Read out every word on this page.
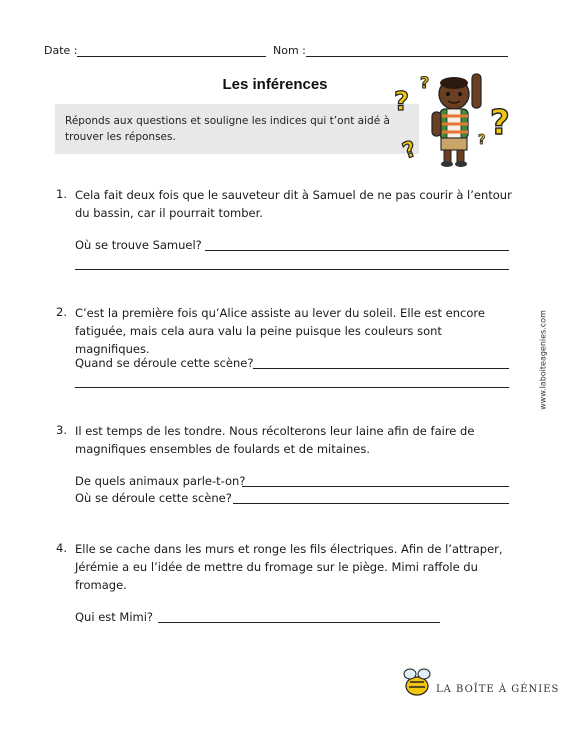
Date :	Nom :
Les inférences
Réponds aux questions et souligne les indices qui t’ont aidé à trouver les réponses.
?
?
?
?
?
1. Cela fait deux fois que le sauveteur dit à Samuel de ne pas courir à l’entour du bassin, car il pourrait tomber.
Où se trouve Samuel?
2. C’est la première fois qu’Alice assiste au lever du soleil. Elle est encore fatiguée, mais cela aura valu la peine puisque les couleurs sont magnifiques.
Quand se déroule cette scène?
3. Il est temps de les tondre. Nous récolterons leur laine afin de faire de magnifiques ensembles de foulards et de mitaines.
De quels animaux parle-t-on?
Où se déroule cette scène?
4. Elle se cache dans les murs et ronge les fils électriques. Afin de l’attraper, Jérémie a eu l’idée de mettre du fromage sur le piège. Mimi raffole du fromage.
Qui est Mimi?
www.laboiteagenies.com
LA BOÎTE À GÉNIES
